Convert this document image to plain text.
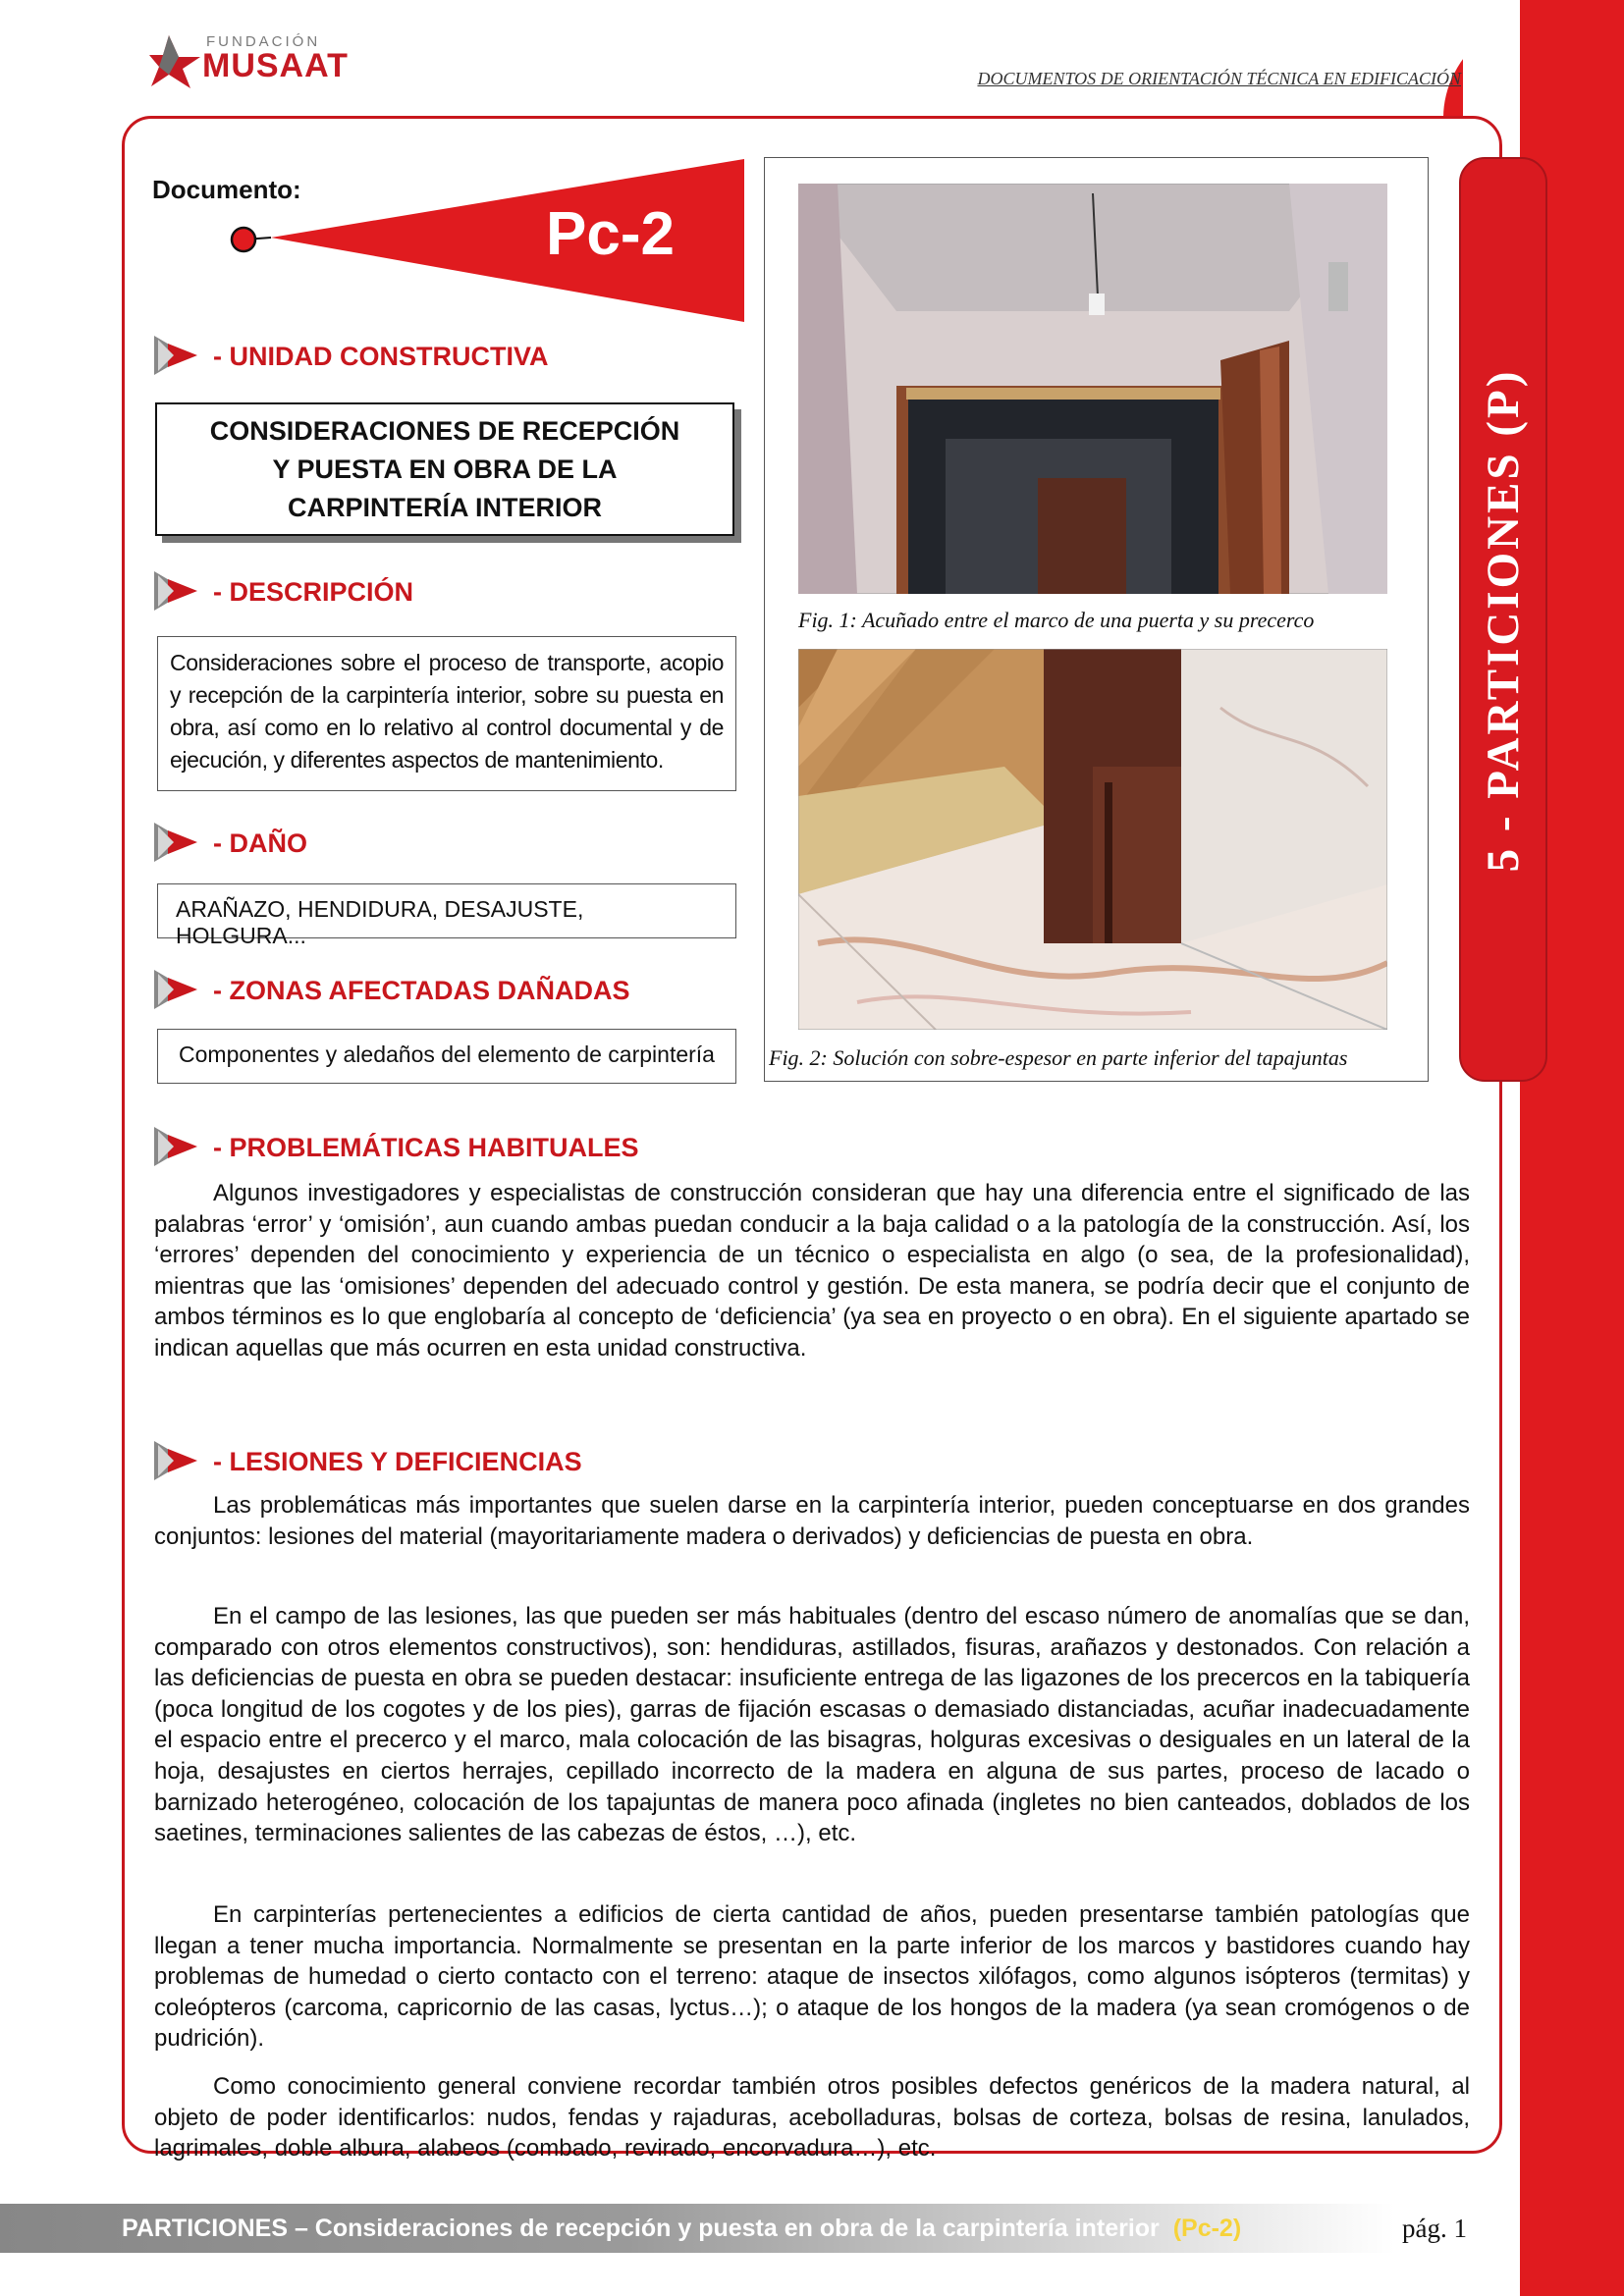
FUNDACIÓN
MUSAAT	DOCUMENTOS DE ORIENTACIÓN TÉCNICA EN EDIFICACIÓN
Documento:
Pc-2
- UNIDAD CONSTRUCTIVA
CONSIDERACIONES DE RECEPCIÓN
Y PUESTA EN OBRA DE LA
CARPINTERÍA INTERIOR
- DESCRIPCIÓN
Consideraciones sobre el proceso de transporte, acopio y recepción de la carpintería interior, sobre su puesta en obra, así como en lo relativo al control documental y de ejecución, y diferentes aspectos de mantenimiento.
- DAÑO
ARAÑAZO, HENDIDURA, DESAJUSTE, HOLGURA...
- ZONAS AFECTADAS DAÑADAS
Componentes y aledaños del elemento de carpintería
Fig. 1: Acuñado entre el marco de una puerta y su precerco
Fig. 2: Solución con sobre-espesor en parte inferior del tapajuntas
5 - PARTICIONES (P)
- PROBLEMÁTICAS HABITUALES

Algunos investigadores y especialistas de construcción consideran que hay una diferencia entre el significado de las palabras ‘error’ y ‘omisión’, aun cuando ambas puedan conducir a la baja calidad o a la patología de la construcción. Así, los ‘errores’ dependen del conocimiento y experiencia de un técnico o especialista en algo (o sea, de la profesionalidad), mientras que las ‘omisiones’ dependen del adecuado control y gestión. De esta manera, se podría decir que el conjunto de ambos términos es lo que englobaría al concepto de ‘deficiencia’ (ya sea en proyecto o en obra). En el siguiente apartado se indican aquellas que más ocurren en esta unidad constructiva.

- LESIONES Y DEFICIENCIAS

Las problemáticas más importantes que suelen darse en la carpintería interior, pueden conceptuarse en dos grandes conjuntos: lesiones del material (mayoritariamente madera o derivados) y deficiencias de puesta en obra.

En el campo de las lesiones, las que pueden ser más habituales (dentro del escaso número de anomalías que se dan, comparado con otros elementos constructivos), son: hendiduras, astillados, fisuras, arañazos y destonados. Con relación a las deficiencias de puesta en obra se pueden destacar: insuficiente entrega de las ligazones de los precercos en la tabiquería (poca longitud de los cogotes y de los pies), garras de fijación escasas o demasiado distanciadas, acuñar inadecuadamente el espacio entre el precerco y el marco, mala colocación de las bisagras, holguras excesivas o desiguales en un lateral de la hoja, desajustes en ciertos herrajes, cepillado incorrecto de la madera en alguna de sus partes, proceso de lacado o barnizado heterogéneo, colocación de los tapajuntas de manera poco afinada (ingletes no bien canteados, doblados de los saetines, terminaciones salientes de las cabezas de éstos, …), etc.

En carpinterías pertenecientes a edificios de cierta cantidad de años, pueden presentarse también patologías que llegan a tener mucha importancia. Normalmente se presentan en la parte inferior de los marcos y bastidores cuando hay problemas de humedad o cierto contacto con el terreno: ataque de insectos xilófagos, como algunos isópteros (termitas) y coleópteros (carcoma, capricornio de las casas, lyctus…); o ataque de los hongos de la madera (ya sean cromógenos o de pudrición).

Como conocimiento general conviene recordar también otros posibles defectos genéricos de la madera natural, al objeto de poder identificarlos: nudos, fendas y rajaduras, acebolladuras, bolsas de corteza, bolsas de resina, lanulados, lagrimales, doble albura, alabeos (combado, revirado, encorvadura…), etc.

PARTICIONES – Consideraciones de recepción y puesta en obra de la carpintería interior (Pc-2)	pág. 1
